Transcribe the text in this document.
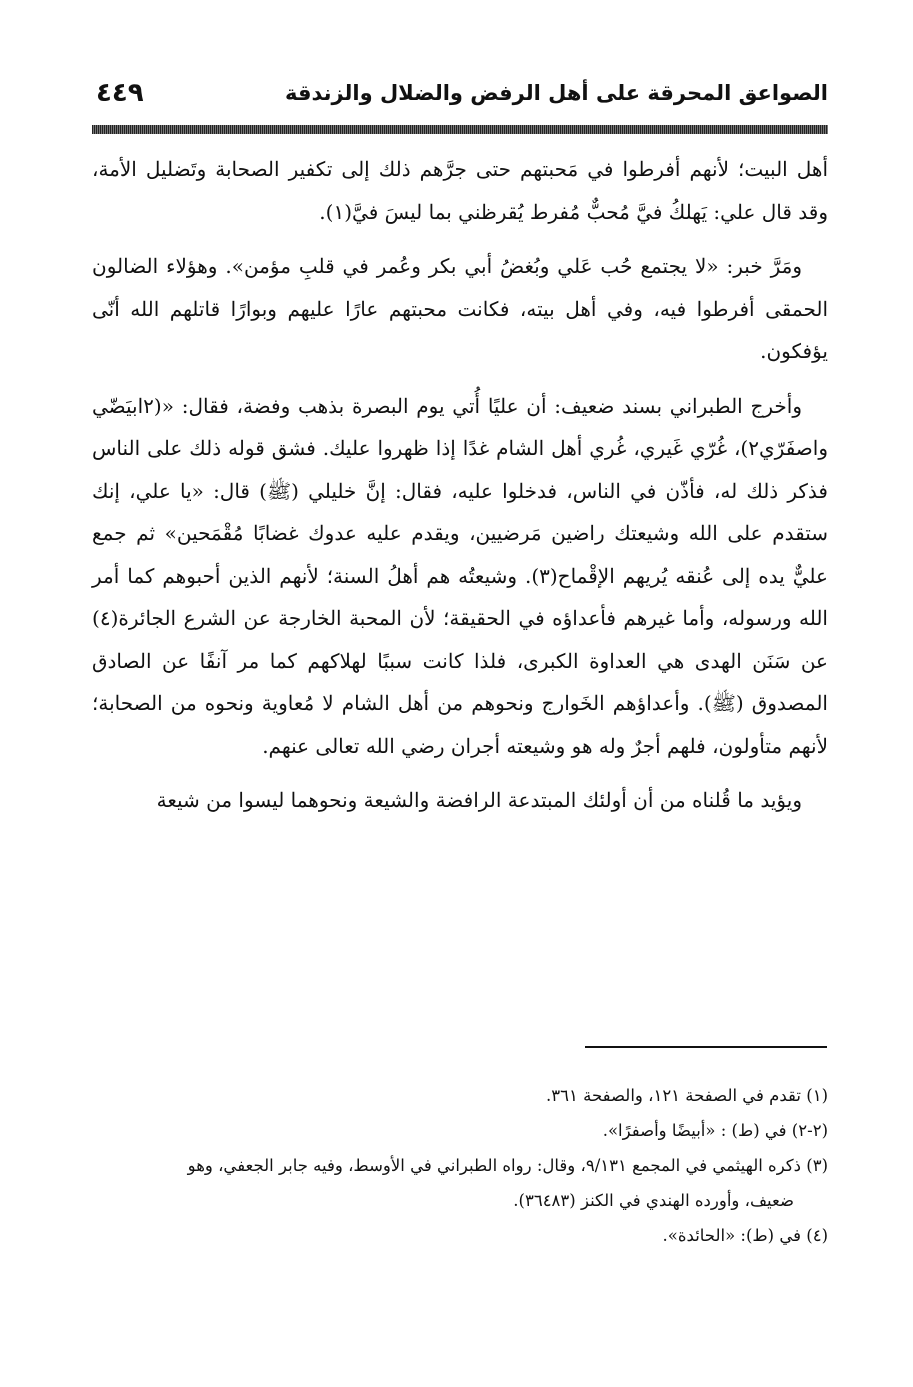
الصواعق المحرقة على أهل الرفض والضلال والزندقة
٤٤٩

أهل البيت؛ لأنهم أفرطوا في مَحبتهم حتى جرَّهم ذلك إلى تكفير الصحابة وتَضليل الأمة، وقد قال علي: يَهلكُ فيَّ مُحبٌّ مُفرط يُقرظني بما ليسَ فيَّ(١).

ومَرَّ خبر: «لا يجتمع حُب عَلي وبُغضُ أبي بكر وعُمر في قلبِ مؤمن». وهؤلاء الضالون الحمقى أفرطوا فيه، وفي أهل بيته، فكانت محبتهم عارًا عليهم وبوارًا قاتلهم الله أنّى يؤفكون.

وأخرج الطبراني بسند ضعيف: أن عليًا أُتي يوم البصرة بذهب وفضة، فقال: «(٢ابيَضّي واصفَرّي٢)، غُرّي غَيري، غُري أهل الشام غدًا إذا ظهروا عليك. فشق قوله ذلك على الناس فذكر ذلك له، فأذّن في الناس، فدخلوا عليه، فقال: إنَّ خليلي (ﷺ) قال: «يا علي، إنك ستقدم على الله وشيعتك راضين مَرضيين، ويقدم عليه عدوك غضابًا مُقْمَحين» ثم جمع عليٌّ يده إلى عُنقه يُريهم الإقْماح(٣). وشيعتُه هم أهلُ السنة؛ لأنهم الذين أحبوهم كما أمر الله ورسوله، وأما غيرهم فأعداؤه في الحقيقة؛ لأن المحبة الخارجة عن الشرع الجائرة(٤) عن سَنَن الهدى هي العداوة الكبرى، فلذا كانت سببًا لهلاكهم كما مر آنفًا عن الصادق المصدوق (ﷺ). وأعداؤهم الخَوارج ونحوهم من أهل الشام لا مُعاوية ونحوه من الصحابة؛ لأنهم متأولون، فلهم أجرٌ وله هو وشيعته أجران رضي الله تعالى عنهم.

ويؤيد ما قُلناه من أن أولئك المبتدعة الرافضة والشيعة ونحوهما ليسوا من شيعة

(١) تقدم في الصفحة ١٢١، والصفحة ٣٦١.

(٢-٢) في (ط) : «أبيضًا وأصفرًا».

(٣) ذكره الهيثمي في المجمع ٩/١٣١، وقال: رواه الطبراني في الأوسط، وفيه جابر الجعفي، وهو

ضعيف، وأورده الهندي في الكنز (٣٦٤٨٣).

(٤) في (ط): «الحائدة».
